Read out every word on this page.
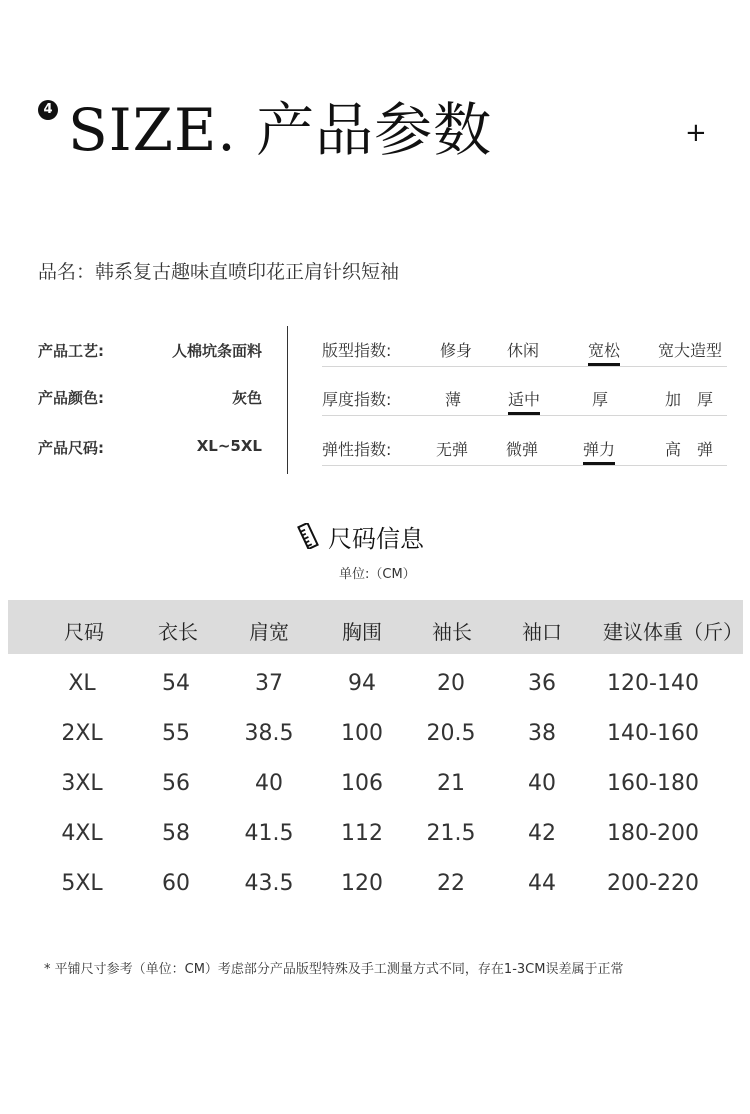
4 SIZE. 产品参数	+
品名：韩系复古趣味直喷印花正肩针织短袖
产品工艺:	人棉坑条面料
产品颜色:	灰色
产品尺码:	XL~5XL
版型指数:	修身 休闲	宽松 宽大造型
厚度指数:	薄	适中	厚	加　厚
弹性指数:	无弹 微弹	弹力	高　弹
尺码信息
单位:（CM）
尺码	衣长	肩宽	胸围	袖长	袖口 建议体重（斤）
XL	54	37	94	20	36 120-140
2XL	55 38.5 100 20.5 38 140-160
3XL	56	40	106 21	40 160-180
4XL	58 41.5 112 21.5 42 180-200
5XL	60 43.5 120 22	44 200-220
* 平铺尺寸参考（单位：CM）考虑部分产品版型特殊及手工测量方式不同，存在1-3CM误差属于正常
